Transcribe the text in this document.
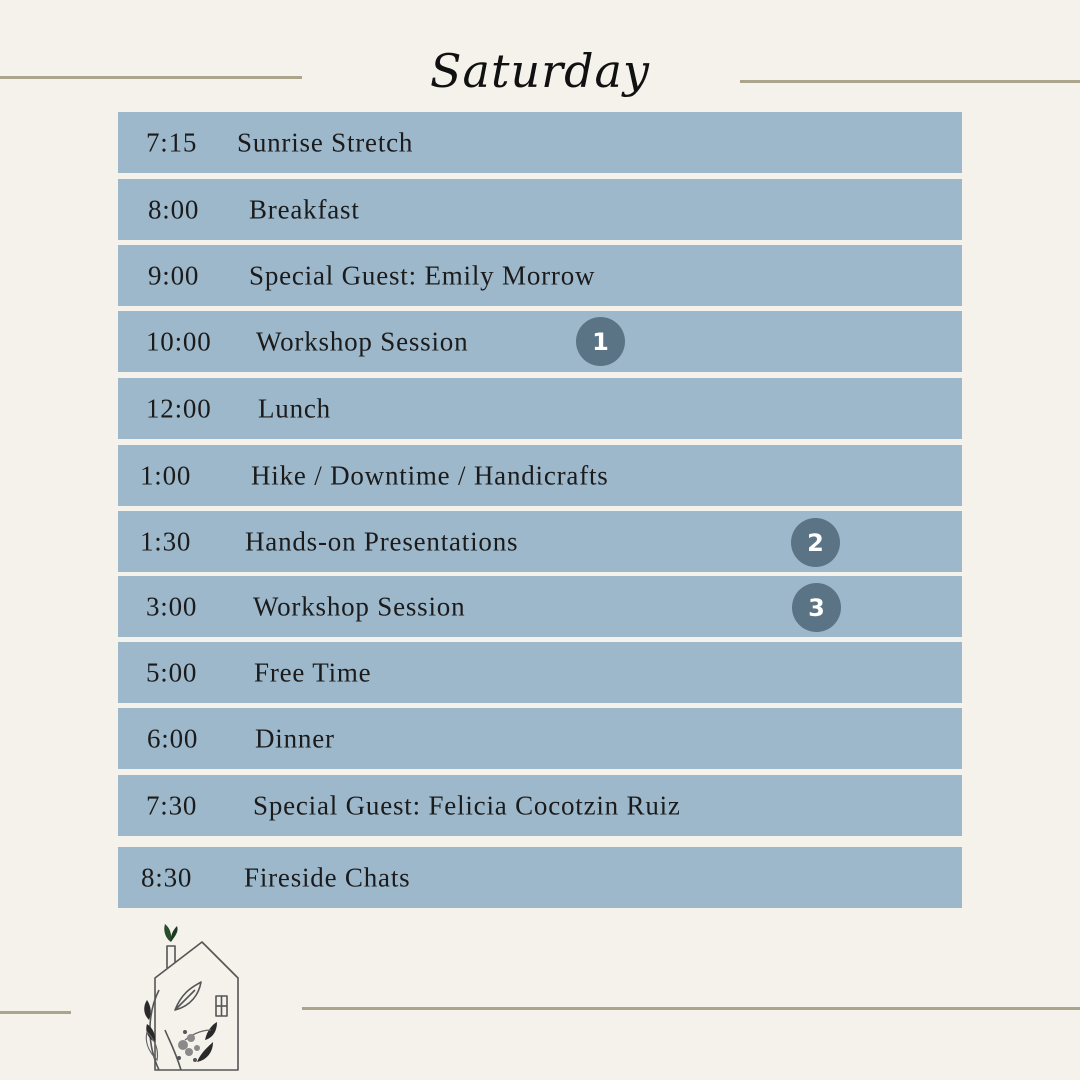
Saturday
7:15 Sunrise Stretch
8:00 Breakfast
9:00 Special Guest: Emily Morrow
10:00 Workshop Session	1
12:00 Lunch
1:00 Hike / Downtime / Handicrafts
1:30 Hands-on Presentations	2
3:00 Workshop Session	3
5:00 Free Time
6:00 Dinner
7:30 Special Guest: Felicia Cocotzin Ruiz
8:30 Fireside Chats
